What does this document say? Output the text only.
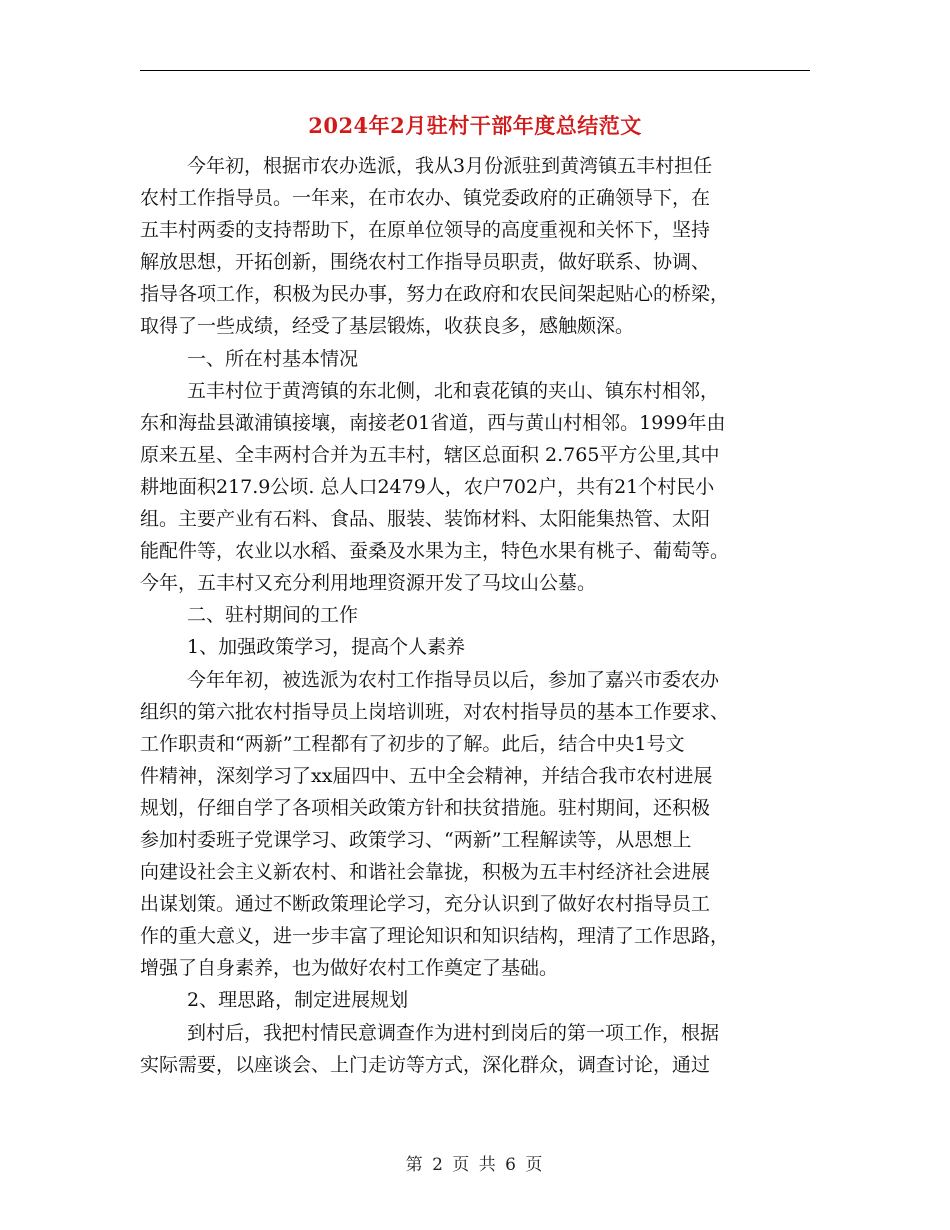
2024年2月驻村干部年度总结范文
今年初，根据市农办选派，我从3月份派驻到黄湾镇五丰村担任
农村工作指导员。一年来，在市农办、镇党委政府的正确领导下，在
五丰村两委的支持帮助下，在原单位领导的高度重视和关怀下，坚持
解放思想，开拓创新，围绕农村工作指导员职责，做好联系、协调、
指导各项工作，积极为民办事，努力在政府和农民间架起贴心的桥梁，
取得了一些成绩，经受了基层锻炼，收获良多，感触颇深。
一、所在村基本情况
五丰村位于黄湾镇的东北侧，北和袁花镇的夹山、镇东村相邻，
东和海盐县澉浦镇接壤，南接老01省道，西与黄山村相邻。1999年由
原来五星、全丰两村合并为五丰村，辖区总面积 2.765平方公里,其中
耕地面积217.9公顷. 总人口2479人，农户702户，共有21个村民小
组。主要产业有石料、食品、服装、装饰材料、太阳能集热管、太阳
能配件等，农业以水稻、蚕桑及水果为主，特色水果有桃子、葡萄等。
今年，五丰村又充分利用地理资源开发了马坟山公墓。
二、驻村期间的工作
1、加强政策学习，提高个人素养
今年年初，被选派为农村工作指导员以后，参加了嘉兴市委农办
组织的第六批农村指导员上岗培训班，对农村指导员的基本工作要求、
工作职责和“两新”工程都有了初步的了解。此后，结合中央1号文
件精神，深刻学习了xx届四中、五中全会精神，并结合我市农村进展
规划，仔细自学了各项相关政策方针和扶贫措施。驻村期间，还积极
参加村委班子党课学习、政策学习、“两新”工程解读等，从思想上
向建设社会主义新农村、和谐社会靠拢，积极为五丰村经济社会进展
出谋划策。通过不断政策理论学习，充分认识到了做好农村指导员工
作的重大意义，进一步丰富了理论知识和知识结构，理清了工作思路，
增强了自身素养，也为做好农村工作奠定了基础。
2、理思路，制定进展规划
到村后，我把村情民意调查作为进村到岗后的第一项工作，根据
实际需要，以座谈会、上门走访等方式，深化群众，调查讨论，通过
第 2 页 共 6 页
